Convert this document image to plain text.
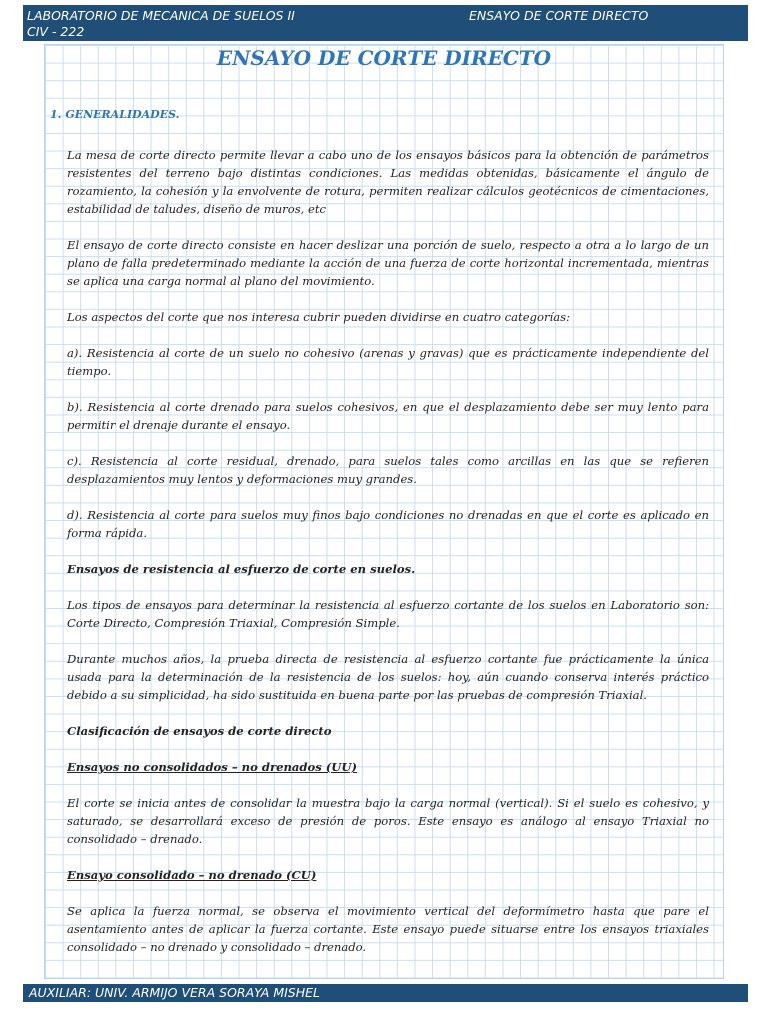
LABORATORIO DE MECANICA DE SUELOS II
CIV - 222
ENSAYO DE CORTE DIRECTO
ENSAYO DE CORTE DIRECTO
1. GENERALIDADES.

La mesa de corte directo permite llevar a cabo uno de los ensayos básicos para la obtención de parámetros resistentes del terreno bajo distintas condiciones. Las medidas obtenidas, básicamente el ángulo de rozamiento, la cohesión y la envolvente de rotura, permiten realizar cálculos geotécnicos de cimentaciones, estabilidad de taludes, diseño de muros, etc

El ensayo de corte directo consiste en hacer deslizar una porción de suelo, respecto a otra a lo largo de un plano de falla predeterminado mediante la acción de una fuerza de corte horizontal incrementada, mientras se aplica una carga normal al plano del movimiento.

Los aspectos del corte que nos interesa cubrir pueden dividirse en cuatro categorías:

a). Resistencia al corte de un suelo no cohesivo (arenas y gravas) que es prácticamente independiente del tiempo.

b). Resistencia al corte drenado para suelos cohesivos, en que el desplazamiento debe ser muy lento para permitir el drenaje durante el ensayo.

c). Resistencia al corte residual, drenado, para suelos tales como arcillas en las que se refieren desplazamientos muy lentos y deformaciones muy grandes.

d). Resistencia al corte para suelos muy finos bajo condiciones no drenadas en que el corte es aplicado en forma rápida.

Ensayos de resistencia al esfuerzo de corte en suelos.

Los tipos de ensayos para determinar la resistencia al esfuerzo cortante de los suelos en Laboratorio son: Corte Directo, Compresión Triaxial, Compresión Simple.

Durante muchos años, la prueba directa de resistencia al esfuerzo cortante fue prácticamente la única usada para la determinación de la resistencia de los suelos: hoy, aún cuando conserva interés práctico debido a su simplicidad, ha sido sustituida en buena parte por las pruebas de compresión Triaxial.

Clasificación de ensayos de corte directo

Ensayos no consolidados – no drenados (UU)

El corte se inicia antes de consolidar la muestra bajo la carga normal (vertical). Si el suelo es cohesivo, y saturado, se desarrollará exceso de presión de poros. Este ensayo es análogo al ensayo Triaxial no consolidado – drenado.

Ensayo consolidado – no drenado (CU)

Se aplica la fuerza normal, se observa el movimiento vertical del deformímetro hasta que pare el asentamiento antes de aplicar la fuerza cortante. Este ensayo puede situarse entre los ensayos triaxiales consolidado – no drenado y consolidado – drenado.

AUXILIAR: UNIV. ARMIJO VERA SORAYA MISHEL
